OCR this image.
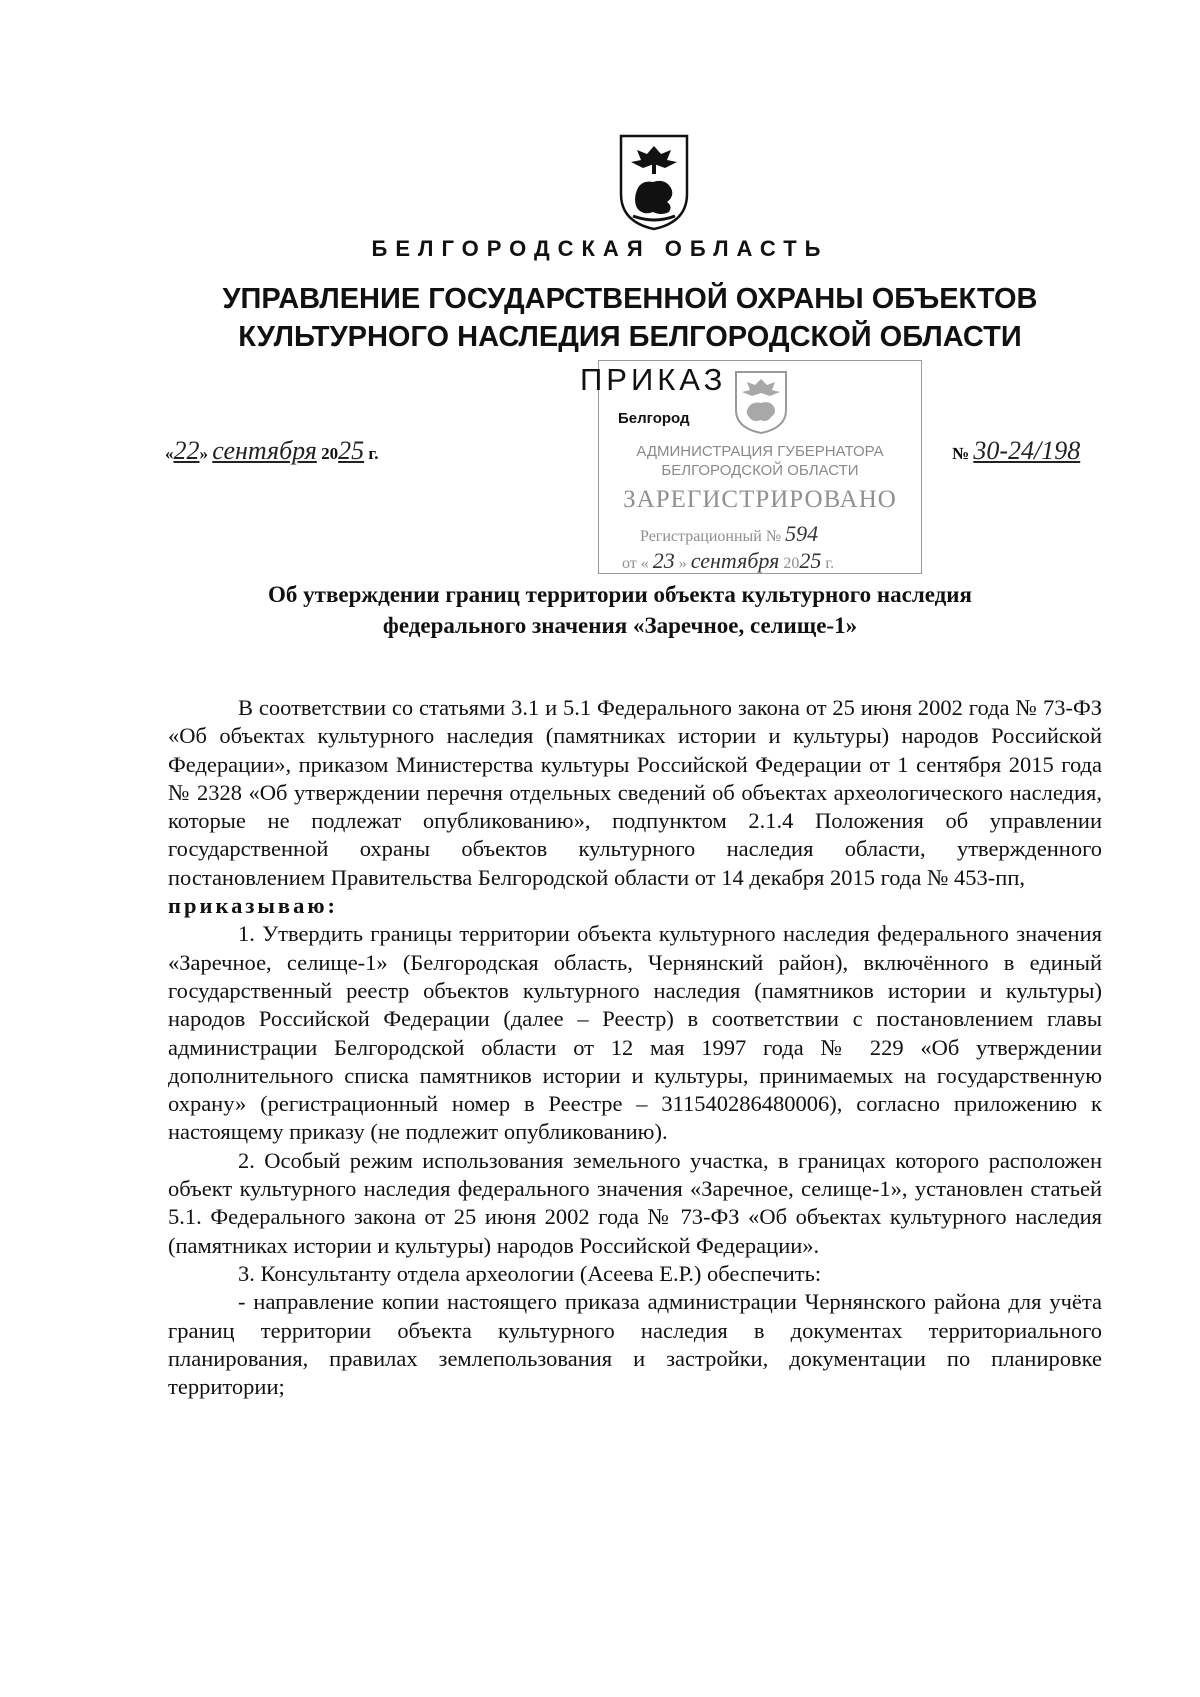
БЕЛГОРОДСКАЯ ОБЛАСТЬ
УПРАВЛЕНИЕ ГОСУДАРСТВЕННОЙ ОХРАНЫ ОБЪЕКТОВ
КУЛЬТУРНОГО НАСЛЕДИЯ БЕЛГОРОДСКОЙ ОБЛАСТИ
ПРИКАЗ
Белгород
АДМИНИСТРАЦИЯ ГУБЕРНАТОРА
БЕЛГОРОДСКОЙ ОБЛАСТИ
ЗАРЕГИСТРИРОВАНО
Регистрационный № 594
от « 23 » сентября 2025 г.
«22» сентября 2025 г.	№ 30-24/198
Об утверждении границ территории объекта культурного наследия
федерального значения «Заречное, селище-1»

В соответствии со статьями 3.1 и 5.1 Федерального закона от 25 июня 2002 года № 73-ФЗ «Об объектах культурного наследия (памятниках истории и культуры) народов Российской Федерации», приказом Министерства культуры Российской Федерации от 1 сентября 2015 года № 2328 «Об утверждении перечня отдельных сведений об объектах археологического наследия, которые не подлежат опубликованию», подпунктом 2.1.4 Положения об управлении государственной охраны объектов культурного наследия области, утвержденного постановлением Правительства Белгородской области от 14 декабря 2015 года № 453-пп,

приказываю:

1. Утвердить границы территории объекта культурного наследия федерального значения «Заречное, селище-1» (Белгородская область, Чернянский район), включённого в единый государственный реестр объектов культурного наследия (памятников истории и культуры) народов Российской Федерации (далее – Реестр) в соответствии с постановлением главы администрации Белгородской области от 12 мая 1997 года № 229 «Об утверждении дополнительного списка памятников истории и культуры, принимаемых на государственную охрану» (регистрационный номер в Реестре – 311540286480006), согласно приложению к настоящему приказу (не подлежит опубликованию).

2. Особый режим использования земельного участка, в границах которого расположен объект культурного наследия федерального значения «Заречное, селище-1», установлен статьей 5.1. Федерального закона от 25 июня 2002 года № 73-ФЗ «Об объектах культурного наследия (памятниках истории и культуры) народов Российской Федерации».

3. Консультанту отдела археологии (Асеева Е.Р.) обеспечить:

- направление копии настоящего приказа администрации Чернянского района для учёта границ территории объекта культурного наследия в документах территориального планирования, правилах землепользования и застройки, документации по планировке территории;
